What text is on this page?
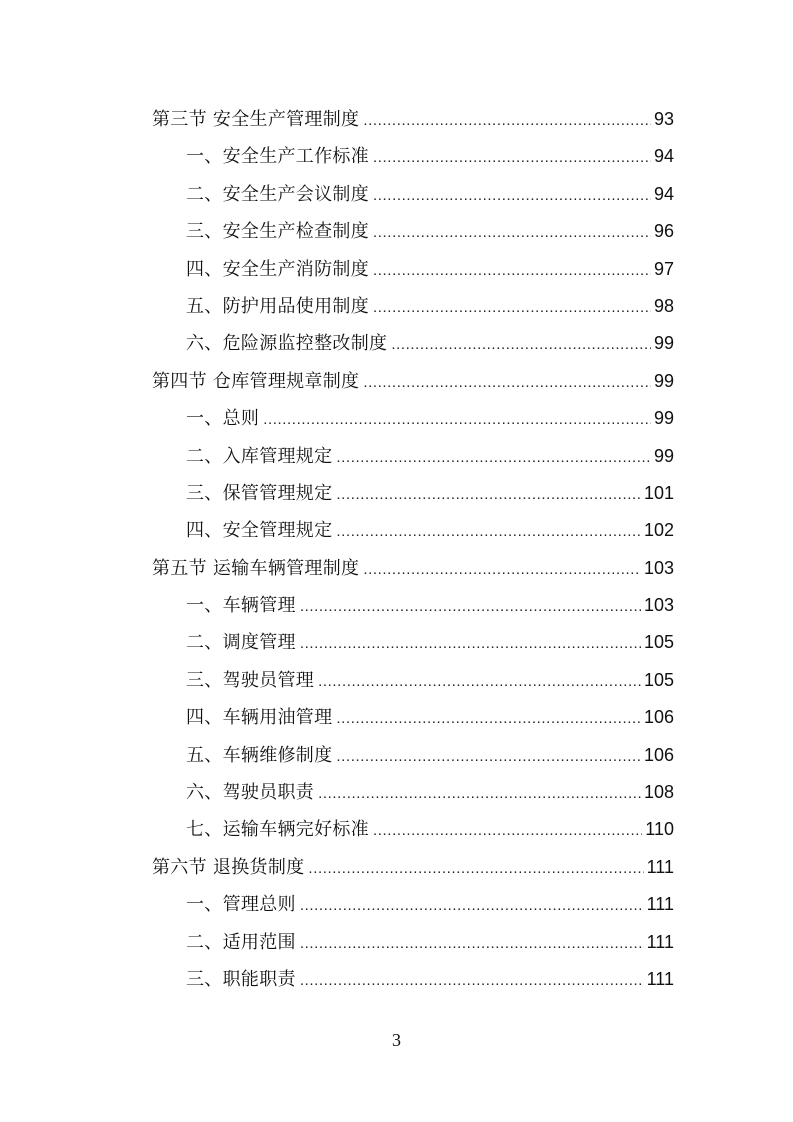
第三节 安全生产管理制度 .....	93
一、安全生产工作标准 .....	94
二、安全生产会议制度 .....	94
三、安全生产检查制度 .....	96
四、安全生产消防制度 .....	97
五、防护用品使用制度 .....	98
六、危险源监控整改制度 .....	99
第四节 仓库管理规章制度 .....	99
一、总则 .....	99
二、入库管理规定 .....	99
三、保管管理规定 .....	101
四、安全管理规定 .....	102
第五节 运输车辆管理制度 .....	103
一、车辆管理 .....	103
二、调度管理 .....	105
三、驾驶员管理 .....	105
四、车辆用油管理 .....	106
五、车辆维修制度 .....	106
六、驾驶员职责 .....	108
七、运输车辆完好标准 .....	110
第六节 退换货制度 .....	111
一、管理总则 .....	111
二、适用范围 .....	111
三、职能职责 .....	111
3
